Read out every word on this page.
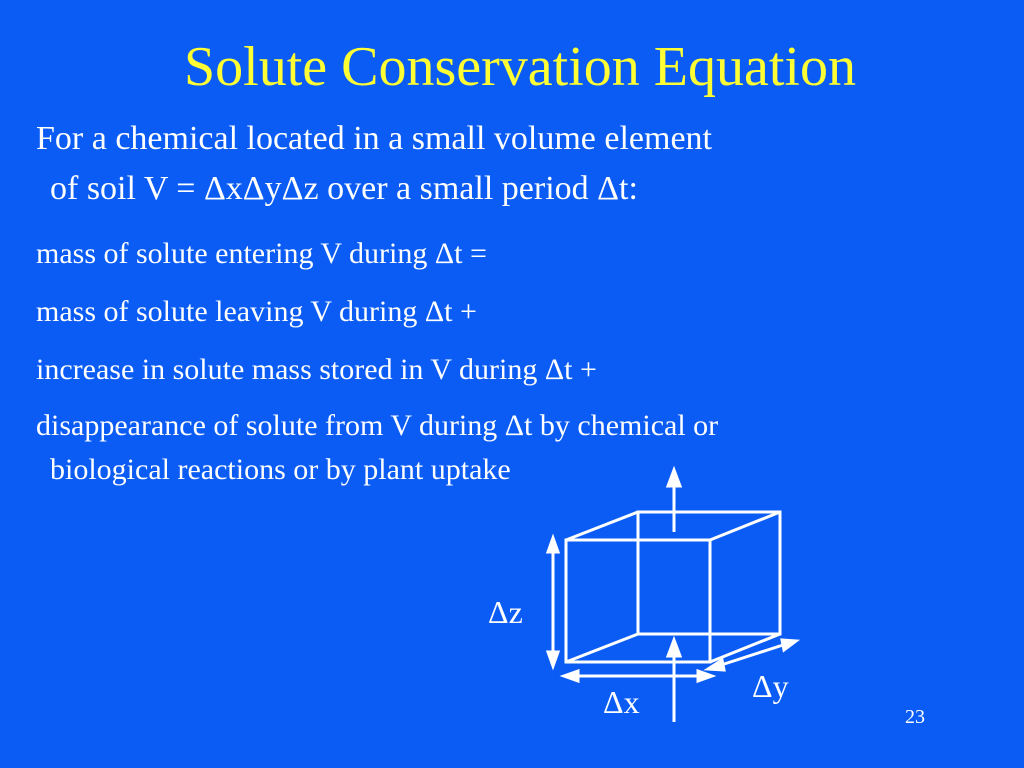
Solute Conservation Equation
For a chemical located in a small volume element
of soil V = ΔxΔyΔz over a small period Δt:
mass of solute entering V during Δt =
mass of solute leaving V during Δt +
increase in solute mass stored in V during Δt +
disappearance of solute from V during Δt by chemical or
biological reactions or by plant uptake
Δz
Δx	Δy
23
